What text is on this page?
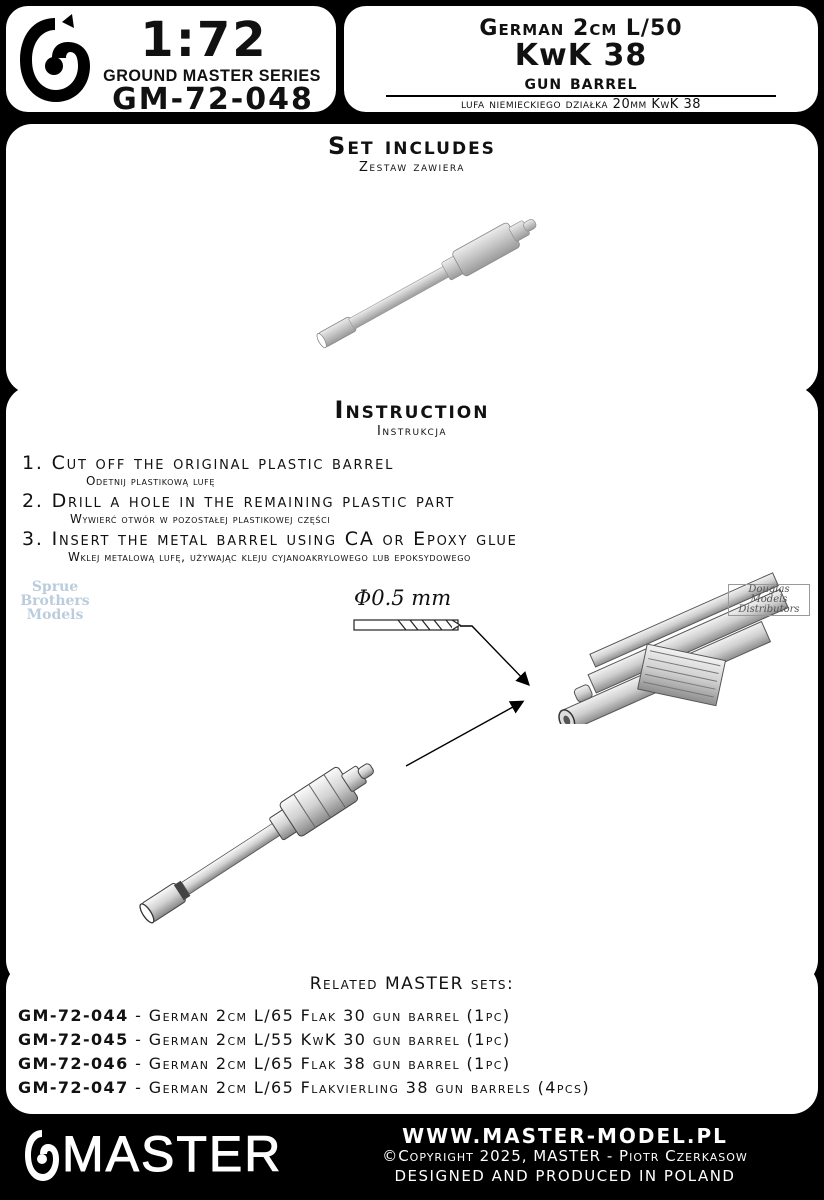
1:72
GROUND MASTER SERIES
GM-72-048
German 2cm L/50
KwK 38
gun barrel
lufa niemieckiego działka 20mm KwK 38
Set includes
Zestaw zawiera
Instruction
Instrukcja
1. Cut off the original plastic barrel
Odetnij plastikową lufę
2. Drill a hole in the remaining plastic part
Wywierć otwór w pozostałej plastikowej części
3. Insert the metal barrel using CA or Epoxy glue
Wklej metalową lufę, używając kleju cyjanoakrylowego lub epoksydowego
Φ0.5 mm
Sprue
Brothers
Models
Douglas
Models
Distributors
Related MASTER sets:
GM-72-044 - German 2cm L/65 Flak 30 gun barrel (1pc)
GM-72-045 - German 2cm L/55 KwK 30 gun barrel (1pc)
GM-72-046 - German 2cm L/65 Flak 38 gun barrel (1pc)
GM-72-047 - German 2cm L/65 Flakvierling 38 gun barrels (4pcs)
MASTER	WWW.MASTER-MODEL.PL
©Copyright 2025, MASTER - Piotr Czerkasow
DESIGNED AND PRODUCED IN POLAND
